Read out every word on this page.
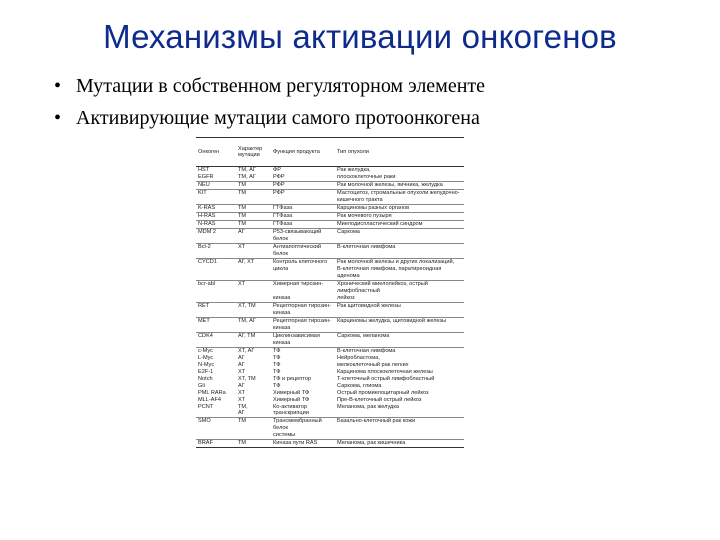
Механизмы активации онкогенов
• Мутации в собственном регуляторном элементе
• Активирующие мутации самого протоонкогена
Онкоген	Характер мутации	Функция продукта	Тип опухоли
HST	ТМ, АГ	ФР	Рак желудка,
EGFR	ТМ, АГ	РФР	плоскоклеточные раки
NEU	ТМ	РФР	Рак молочной железы, яичника, желудка
KIT	ТМ	РФР	Мастоцитоз, стромальные опухоли желудочно-
			кишечного тракта
K-RAS	ТМ	ГТФаза	Карциномы разных органов
H-RAS	ТМ	ГТФаза	Рак мочевого пузыря
N-RAS	ТМ	ГТФаза	Миелодиспластический синдром
MDM 2	АГ	Р53-связывающий	Саркома
		белок	
Bcl-2	ХТ	Антиапоптический	В-клеточная лимфома
		белок	
CYCD1	АГ, ХТ	Контроль клеточного	Рак молочной железы и других локализаций,
		цикла	В-клеточная лимфома, паратиреоидная аденома
bcr-abl	ХТ	Химерная тирозин-	Хронический миелолейкоз, острый лимфобластный
		киназа	лейкоз
RET	ХТ, ТМ	Рецепторная тирозин-	Рак щитовидной железы
		киназа	
MET	ТМ, АГ	Рецепторная тирозин-	Карциномы желудка, щитовидной железы
		киназа	
CDK4	АГ, ТМ	Циклинзависимая	Саркома, меланома
		киназа	
c-Myc	ХТ, АГ	ТФ	В-клеточная лимфома
L-Myc	АГ	ТФ	Нейробластома,
N-Myc	АГ	ТФ	мелкоклеточный рак легких
E2F-1	ХТ	ТФ	Карцинома плоскоклеточная железы
Notch	ХТ, ТМ	ТФ и рецептор	Т-клеточный острый лимфобластный
Gli	АГ	ТФ	Саркома, глиома
PML RARa	ХТ	Химерный ТФ	Острый промиелоцитарный лейкоз
MLL-AF4	ХТ	Химерный ТФ	Пре-В-клеточный острый лейкоз
PCNT	ТМ,	Ко-активатор	Меланома, рак желудка
	АГ	транскрипции	
SMO	ТМ	Трансмембранный белок	Базально-клеточный рак кожи
		системы	
BRAF	ТМ	Киназа пути RAS	Меланома, рак кишечника
